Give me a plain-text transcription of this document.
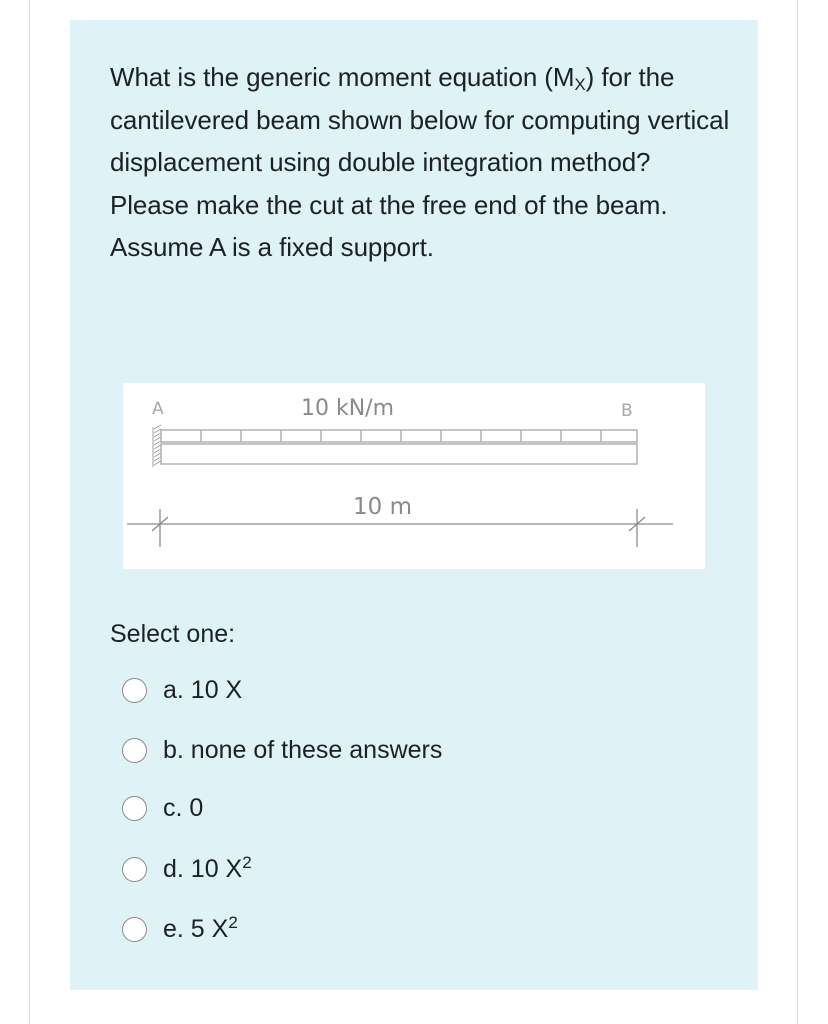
What is the generic moment equation $(M_X)$ for the cantilevered beam shown below for computing vertical displacement using double integration method? Please make the cut at the free end of the beam. Assume A is a fixed support.
A	B
10 kN/m
10 m
Select one:
a. 10 X
b. none of these answers
c. 0
d. 10 $X^2$
e. 5 $X^2$
